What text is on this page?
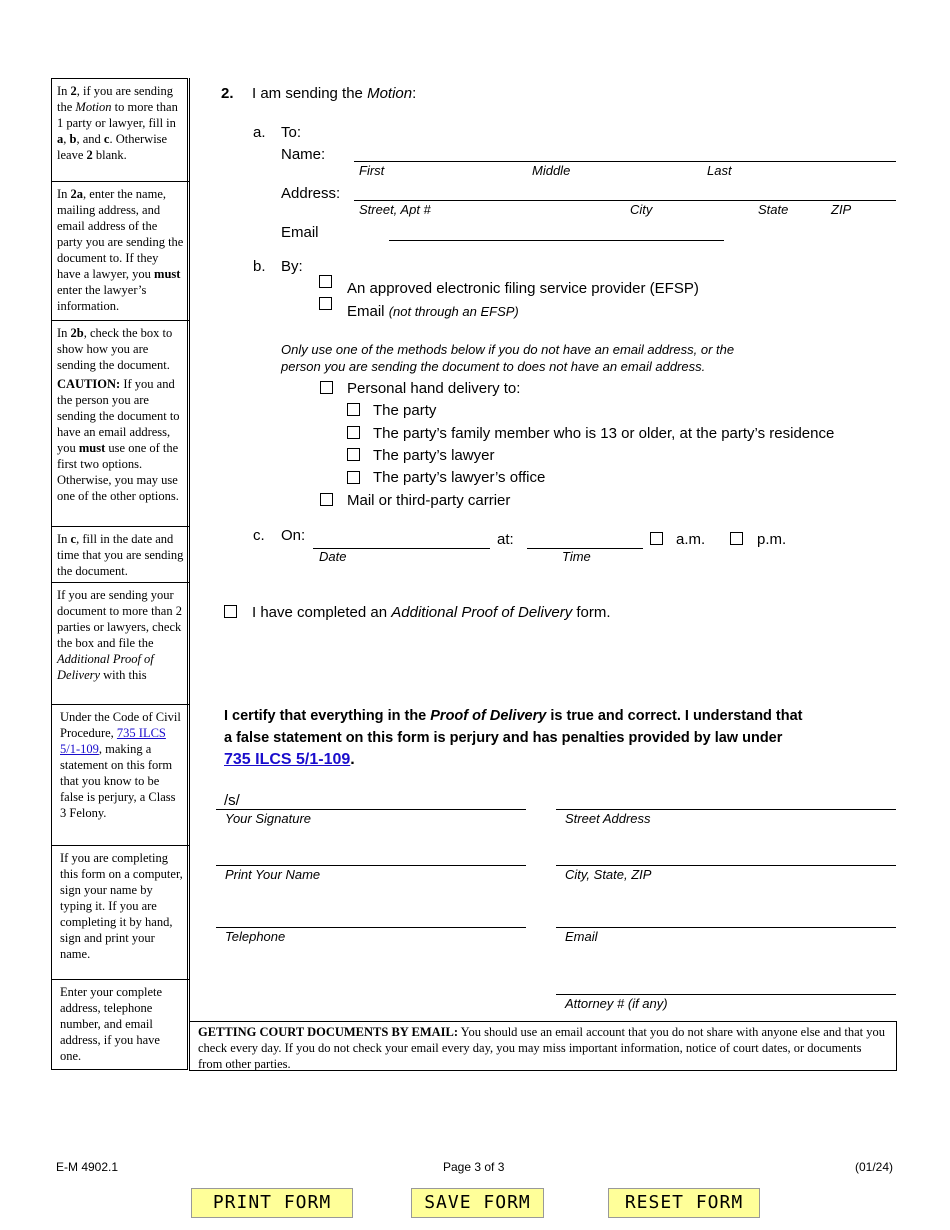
In 2, if you are sending the Motion to more than 1 party or lawyer, fill in a, b, and c. Otherwise leave 2 blank.

In 2a, enter the name, mailing address, and email address of the party you are sending the document to. If they have a lawyer, you must enter the lawyer’s information.

In 2b, check the box to show how you are sending the document.

CAUTION: If you and the person you are sending the document to have an email address, you must use one of the first two options. Otherwise, you may use one of the other options.

In c, fill in the date and time that you are sending the document.

If you are sending your document to more than 2 parties or lawyers, check the box and file the Additional Proof of Delivery with this

Under the Code of Civil Procedure, 735 ILCS 5/1-109, making a statement on this form that you know to be false is perjury, a Class 3 Felony.

If you are completing this form on a computer, sign your name by typing it. If you are completing it by hand, sign and print your name.

Enter your complete address, telephone number, and email address, if you have one.

2. I am sending the Motion:
a. To:
Name:
First	Middle	Last
Address:
Street, Apt #	City	State	ZIP
Email
b. By:
An approved electronic filing service provider (EFSP)
Email (not through an EFSP)
Only use one of the methods below if you do not have an email address, or the
person you are sending the document to does not have an email address.
Personal hand delivery to:
The party
The party’s family member who is 13 or older, at the party’s residence
The party’s lawyer
The party’s lawyer’s office
Mail or third-party carrier
c. On:
Date
at:
Time
a.m.	p.m.
I have completed an Additional Proof of Delivery form.
I certify that everything in the Proof of Delivery is true and correct. I understand that
a false statement on this form is perjury and has penalties provided by law under
735 ILCS 5/1-109.
/s/
Your Signature	Street Address
Print Your Name	City, State, ZIP
Telephone	Email
Attorney # (if any)
GETTING COURT DOCUMENTS BY EMAIL: You should use an email account that you do not share with anyone else and that you check every day. If you do not check your email every day, you may miss important information, notice of court dates, or documents from other parties.
E-M 4902.1	Page 3 of 3	(01/24)
PRINT FORM	SAVE FORM	RESET FORM
